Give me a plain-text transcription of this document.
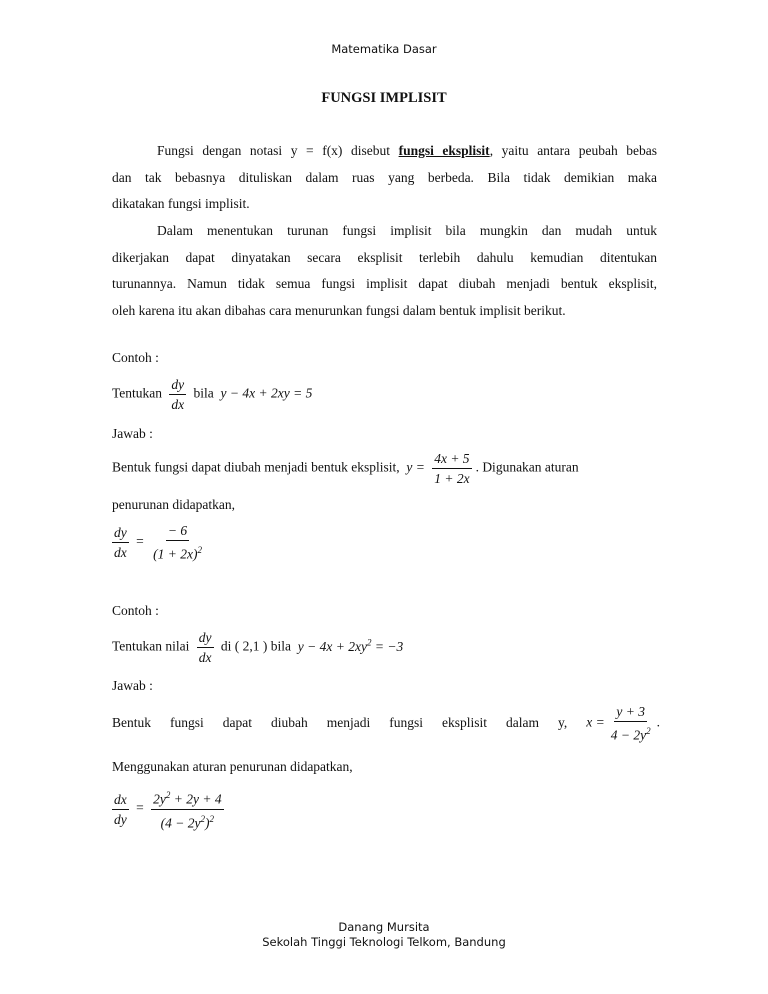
Matematika Dasar
FUNGSI IMPLISIT
Fungsi dengan notasi y = f(x) disebut fungsi eksplisit, yaitu antara peubah bebas
dan tak bebasnya dituliskan dalam ruas yang berbeda. Bila tidak demikian maka
dikatakan fungsi implisit.
Dalam menentukan turunan fungsi implisit bila mungkin dan mudah untuk
dikerjakan dapat dinyatakan secara eksplisit terlebih dahulu kemudian ditentukan
turunannya. Namun tidak semua fungsi implisit dapat diubah menjadi bentuk eksplisit,
oleh karena itu akan dibahas cara menurunkan fungsi dalam bentuk implisit berikut.
Contoh :
Tentukan $\frac{dy}{dx}$ bila y − 4x + 2xy = 5
Jawab :
Bentuk fungsi dapat diubah menjadi bentuk eksplisit, $y = \frac{4x + 5}{1 + 2x}$ . Digunakan aturan
penurunan didapatkan,
$\frac{dy}{dx} = \frac{- 6}{(1 + 2x)^2}$
Contoh :
Tentukan nilai $\frac{dy}{dx}$ di ( 2,1 ) bila $y - 4x + 2xy^2 = -3$
Jawab :
Bentuk fungsi dapat diubah menjadi fungsi eksplisit dalam y, $x = \frac{y + 3}{4 - 2y^2}$ .
Menggunakan aturan penurunan didapatkan,
$\frac{dx}{dy} = \frac{2y^2 + 2y + 4}{(4 - 2y^2)^2}$
Danang Mursita
Sekolah Tinggi Teknologi Telkom, Bandung
